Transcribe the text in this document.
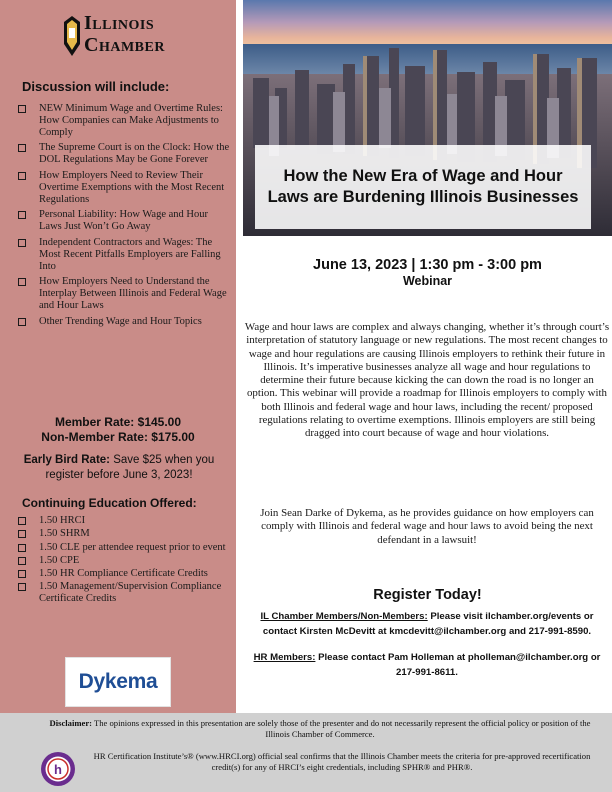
Illinois
Chamber
Discussion will include:
NEW Minimum Wage and Overtime Rules: How Companies can Make Adjustments to Comply
The Supreme Court is on the Clock: How the DOL Regulations May be Gone Forever
How Employers Need to Review Their Overtime Exemptions with the Most Recent Regulations
Personal Liability: How Wage and Hour Laws Just Won’t Go Away
Independent Contractors and Wages: The Most Recent Pitfalls Employers are Falling Into
How Employers Need to Understand the Interplay Between Illinois and Federal Wage and Hour Laws
Other Trending Wage and Hour Topics
Member Rate: $145.00
Non-Member Rate: $175.00
Early Bird Rate: Save $25 when you register before June 3, 2023!
Continuing Education Offered:
1.50 HRCI
1.50 SHRM
1.50 CLE per attendee request prior to event
1.50 CPE
1.50 HR Compliance Certificate Credits
1.50 Management/Supervision Compliance Certificate Credits
Dykema
How the New Era of Wage and Hour Laws are Burdening Illinois Businesses
June 13, 2023 | 1:30 pm - 3:00 pm
Webinar
Wage and hour laws are complex and always changing, whether it’s through court’s interpretation of statutory language or new regulations. The most recent changes to wage and hour regulations are causing Illinois employers to rethink their future in Illinois. It’s imperative businesses analyze all wage and hour regulations to determine their future because kicking the can down the road is no longer an option. This webinar will provide a roadmap for Illinois employers to comply with both Illinois and federal wage and hour laws, including the recent/ proposed regulations relating to overtime exemptions. Illinois employers are still being dragged into court because of wage and hour violations.
Join Sean Darke of Dykema, as he provides guidance on how employers can comply with Illinois and federal wage and hour laws to avoid being the next defendant in a lawsuit!
Register Today!
IL Chamber Members/Non-Members: Please visit ilchamber.org/events or contact Kirsten McDevitt at kmcdevitt@ilchamber.org and 217-991-8590.
HR Members: Please contact Pam Holleman at pholleman@ilchamber.org or 217-991-8611.
Disclaimer: The opinions expressed in this presentation are solely those of the presenter and do not necessarily represent the official policy or position of the Illinois Chamber of Commerce.
h
HR Certification Institute’s® (www.HRCI.org) official seal confirms that the Illinois Chamber meets the criteria for pre-approved recertification credit(s) for any of HRCI’s eight credentials, including SPHR® and PHR®.
